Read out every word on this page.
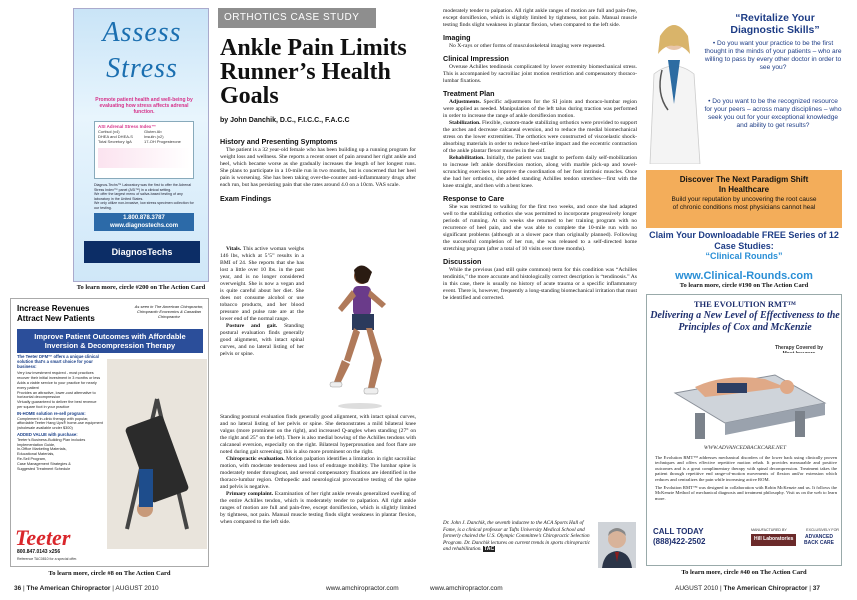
Assess
Stress
Promote patient health and well-being by evaluating how stress affects adrenal function.
ASI Adrenal Stress Index™
Cortisol (x4)	Gluten Ab
DHEA and DHEA-S	Insulin (x2)
Total Secretory IgA	17-OH Progesterone
Diagnos-Techs™ Laboratory was the first to offer the Adrenal Stress Index™ panel (ASI™) in a clinical setting.
We offer the largest menu of saliva-based testing of any laboratory in the United States.
We only utilize non-invasive, low stress specimen collection for our testing.
1.800.878.3787
www.diagnostechs.com
DiagnosTechs
To learn more, circle #200 on The Action Card
Increase Revenues
Attract New Patients
As seen in The American Chiropractor, Chiropractic Economics & Canadian Chiropractor
Improve Patient Outcomes with Affordable Inversion & Decompression Therapy
The Teeter DFM™ offers a unique clinical solution that’s a smart choice for your business:
Very low investment required - most practices recover their initial investment in 3 months or less
Adds a viable service to your practice for nearly every patient
Provides an attractive, lower-cost alternative to horizontal decompression
Virtually guaranteed to deliver the best revenue per square foot in your practice
IN-HOME solution re-sell program:
Complement in-clinic therapy with popular, affordable Teeter Hang Ups® home-use equipment (wholesale available under $300)
ADDED VALUE with purchase:
Teeter’s Business-Building Plan includes Implementation Guide,
In-Office Marketing Materials,
Educational Materials,
Re-Sell Program,
Case Management Strategies &
Suggested Treatment Schedule
Teeter
800.847.0143 x256
Reference TAC0810 for a special offer.
To learn more, circle #8 on The Action Card
ORTHOTICS CASE STUDY
Ankle Pain Limits Runner’s Health Goals
by John Danchik, D.C., F.I.C.C., F.A.C.C
History and Presenting Symptoms

The patient is a 32 year-old female who has been building up a running program for weight loss and wellness. She reports a recent onset of pain around her right ankle and heel, which became worse as she gradually increases the length of her longest runs. She plans to participate in a 10-mile run in two months, but is concerned that her heel pain is worsening. She has been taking over-the-counter anti-inflammatory drugs after each run, but has persisting pain that she rates around 4.0 on a 10cm. VAS scale.

Exam Findings

Vitals. This active woman weighs 146 lbs, which at 5’5” results in a BMI of 24. She reports that she has lost a little over 10 lbs. in the past year, and is no longer considered overweight. She is now a vegan and is quite careful about her diet. She does not consume alcohol or use tobacco products, and her blood pressure and pulse rate are at the lower end of the normal range.

Posture and gait. Standing postural evaluation finds generally good alignment, with intact spinal curves, and no lateral listing of her pelvis or spine.

Standing postural evaluation finds generally good alignment, with intact spinal curves, and no lateral listing of her pelvis or spine. She demonstrates a mild bilateral knee valgus (more prominent on the right), and increased Q-angles when standing (27° on the right and 25° on the left). There is also medial bowing of the Achilles tendons with calcaneal eversion, especially on the right. Bilateral hyperpronation and foot flare are noted during gait screening; this is also more prominent on the right.

Chiropractic evaluation. Motion palpation identifies a limitation in right sacroiliac motion, with moderate tenderness and loss of endrange mobility. The lumbar spine is moderately tender throughout, and several compensatory fixations are identified in the thoraco-lumbar region. Orthopedic and neurological provocative testing of the spine and pelvis is negative.

Primary complaint. Examination of her right ankle reveals generalized swelling of the entire Achilles tendon, which is moderately tender to palpation. All right ankle ranges of motion are full and pain-free, except dorsiflexion, which is slightly limited by tightness, not pain. Manual muscle testing finds slight weakness in plantar flexion, when compared to the left side.

36 | The American Chiropractor | AUGUST 2010	www.amchiropractor.com

moderately tender to palpation. All right ankle ranges of motion are full and pain-free, except dorsiflexion, which is slightly limited by tightness, not pain. Manual muscle testing finds slight weakness in plantar flexion, when compared to the left side.

Imaging

No X-rays or other forms of musculoskeletal imaging were requested.

Clinical Impression

Overuse Achilles tendinosis complicated by lower extremity biomechanical stress. This is accompanied by sacroiliac joint motion restriction and compensatory thoraco-lumbar fixations.

Treatment Plan

Adjustments. Specific adjustments for the SI joints and thoraco-lumbar region were applied as needed. Manipulation of the left talus during traction was performed in order to increase the range of ankle dorsiflexion motion.

Stabilization. Flexible, custom-made stabilizing orthotics were provided to support the arches and decrease calcaneal eversion, and to reduce the medial biomechanical stress on the lower extremities. The orthotics were constructed of viscoelastic shock-absorbing materials in order to reduce heel-strike impact and the eccentric contraction of the ankle plantar flexor muscles in the calf.

Rehabilitation. Initially, the patient was taught to perform daily self-mobilization to increase left ankle dorsiflexion motion, along with marble pick-up and towel-scrunching exercises to improve the coordination of her foot intrinsic muscles. Once she had her orthotics, she added standing Achilles tendon stretches—first with the knee straight, and then with a bent knee.

Response to Care

She was restricted to walking for the first two weeks, and once she had adapted well to the stabilizing orthotics she was permitted to incorporate progressively longer periods of running. At six weeks she returned to her training program with no recurrence of heel pain, and she was able to complete the 10-mile run with no significant problems (although at a slower pace than originally planned). Following the successful completion of her run, she was released to a self-directed home stretching program (after a total of 10 visits over three months).

Discussion

While the previous (and still quite common) term for this condition was “Achilles tendinitis,” the more accurate and histologically correct description is “tendinosis.” As in this case, there is usually no history of acute trauma or a specific inflammatory event. There is, however, frequently a long-standing biomechanical irritation that must be identified and corrected.

Dr. John J. Danchik, the seventh inductee to the ACA Sports Hall of Fame, is a clinical professor at Tufts University Medical School and formerly chaired the U.S. Olympic Committee’s Chiropractic Selection Program. Dr. Danchik lectures on current trends in sports chiropractic and rehabilitation. TAC
www.amchiropractor.com	AUGUST 2010 | The American Chiropractor | 37
“Revitalize Your Diagnostic Skills”
• Do you want your practice to be the first thought in the minds of your patients – who are willing to pass by every other doctor in order to see you?
• Do you want to be the recognized resource for your peers – across many disciplines – who seek you out for your exceptional knowledge and ability to get results?
Discover The Next Paradigm Shift In Healthcare
Build your reputation by uncovering the root cause of chronic conditions most physicians cannot heal
Claim Your Downloadable FREE Series of 12 Case Studies:
“Clinical Rounds”
www.Clinical-Rounds.com
To learn more, circle #190 on The Action Card
THE EVOLUTION RMT™
Delivering a New Level of Effectiveness to the Principles of Cox and McKenzie
Therapy Covered by
WWW.ADVANCEDBACKCARE.NET
The Evolution RMT™ addresses mechanical disorders of the lower back using clinically proven techniques and offers effective repetitive motion rehab. It provides measurable and positive outcomes and is a great complimentary therapy with spinal decompression. Treatment takes the patient through repetitive end range-of-motion movements of flexion and/or extension which reduces and centralizes the pain while increasing active ROM.
The Evolution RMT™ was designed in collaboration with Robin McKenzie and us. It follows the McKenzie Method of mechanical diagnosis and treatment philosophy. Visit us on the web to learn more.
CALL TODAY
(888)422-2502
MANUFACTURED BY	EXCLUSIVELY FOR
Hill Laboratories	ADVANCED BACK CARE
To learn more, circle #40 on The Action Card
